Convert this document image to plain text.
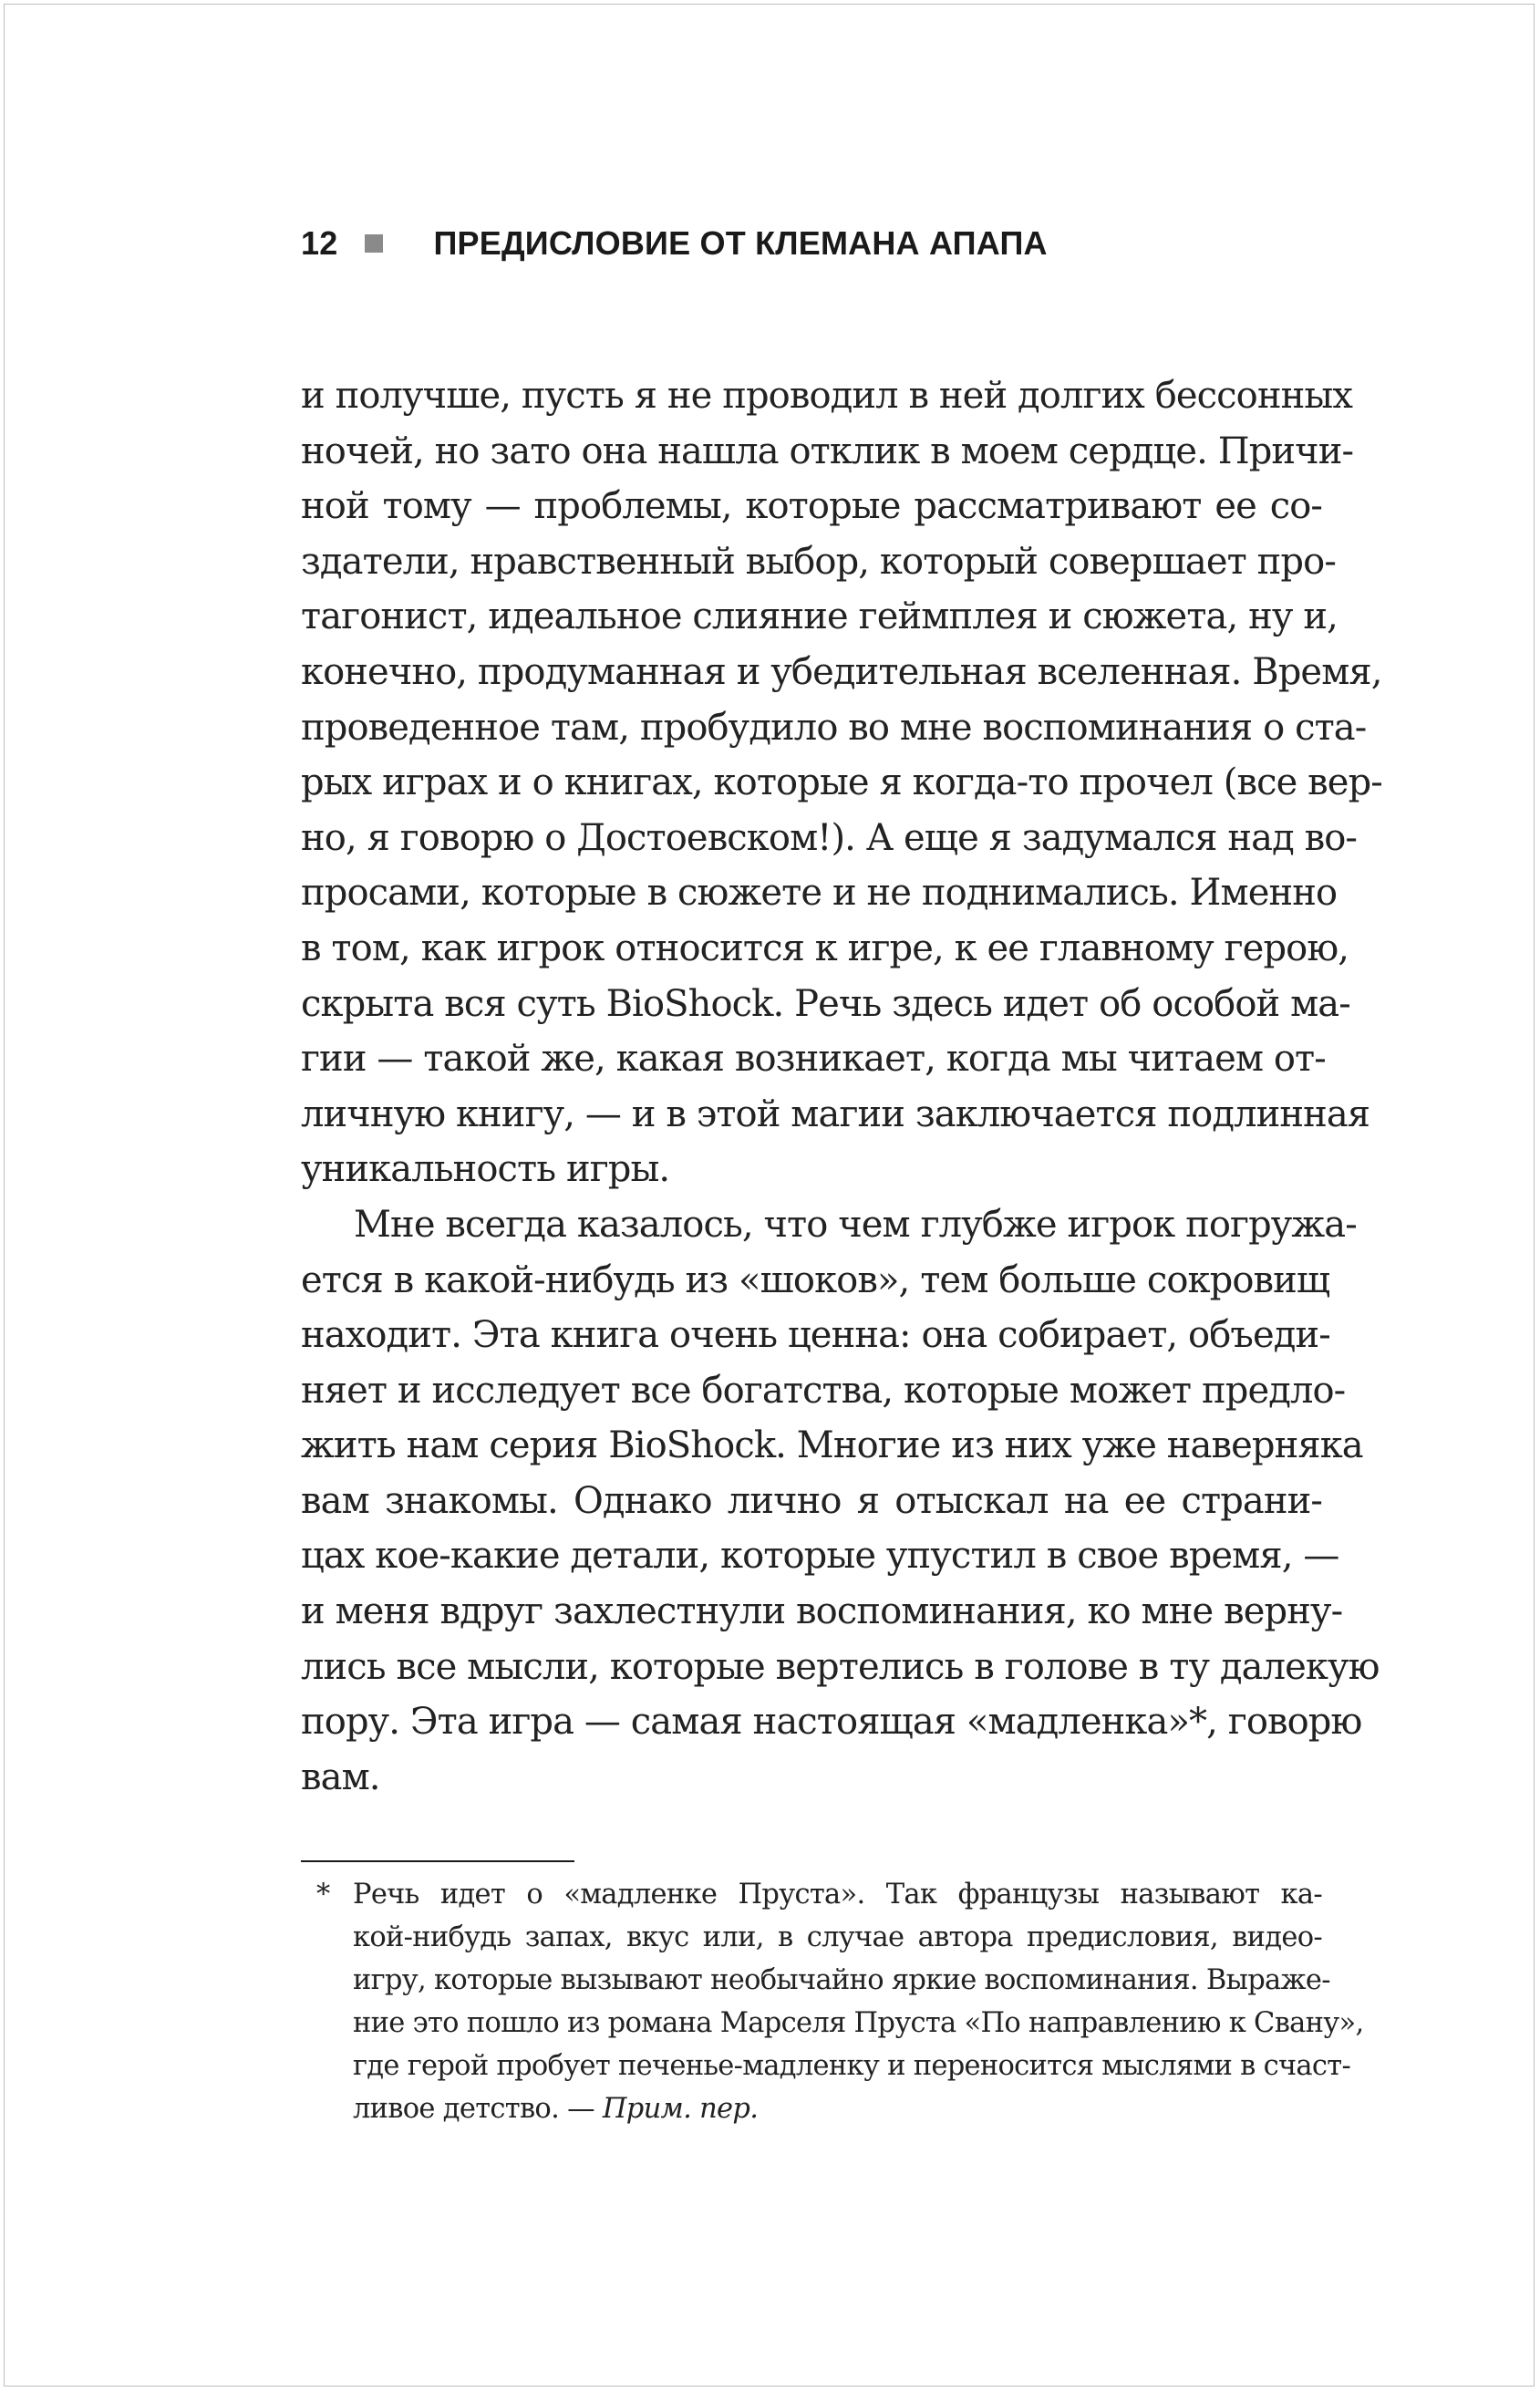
12	ПРЕДИСЛОВИЕ ОТ КЛЕМАНА АПАПА
и получше, пусть я не проводил в ней долгих бессонных
ночей, но зато она нашла отклик в моем сердце. Причи-
ной тому — проблемы, которые рассматривают ее со-
здатели, нравственный выбор, который совершает про-
тагонист, идеальное слияние геймплея и сюжета, ну и,
конечно, продуманная и убедительная вселенная. Время,
проведенное там, пробудило во мне воспоминания о ста-
рых играх и о книгах, которые я когда-то прочел (все вер-
но, я говорю о Достоевском!). А еще я задумался над во-
просами, которые в сюжете и не поднимались. Именно
в том, как игрок относится к игре, к ее главному герою,
скрыта вся суть BioShock. Речь здесь идет об особой ма-
гии — такой же, какая возникает, когда мы читаем от-
личную книгу, — и в этой магии заключается подлинная
уникальность игры.
Мне всегда казалось, что чем глубже игрок погружа-
ется в какой-нибудь из «шоков», тем больше сокровищ
находит. Эта книга очень ценна: она собирает, объеди-
няет и исследует все богатства, которые может предло-
жить нам серия BioShock. Многие из них уже наверняка
вам знакомы. Однако лично я отыскал на ее страни-
цах кое-какие детали, которые упустил в свое время, —
и меня вдруг захлестнули воспоминания, ко мне верну-
лись все мысли, которые вертелись в голове в ту далекую
пору. Эта игра — самая настоящая «мадленка»*, говорю
вам.
* Речь идет о «мадленке Пруста». Так французы называют ка-
кой-нибудь запах, вкус или, в случае автора предисловия, видео-
игру, которые вызывают необычайно яркие воспоминания. Выраже-
ние это пошло из романа Марселя Пруста «По направлению к Свану»,
где герой пробует печенье-мадленку и переносится мыслями в счаст-
ливое детство. — Прим. пер.
